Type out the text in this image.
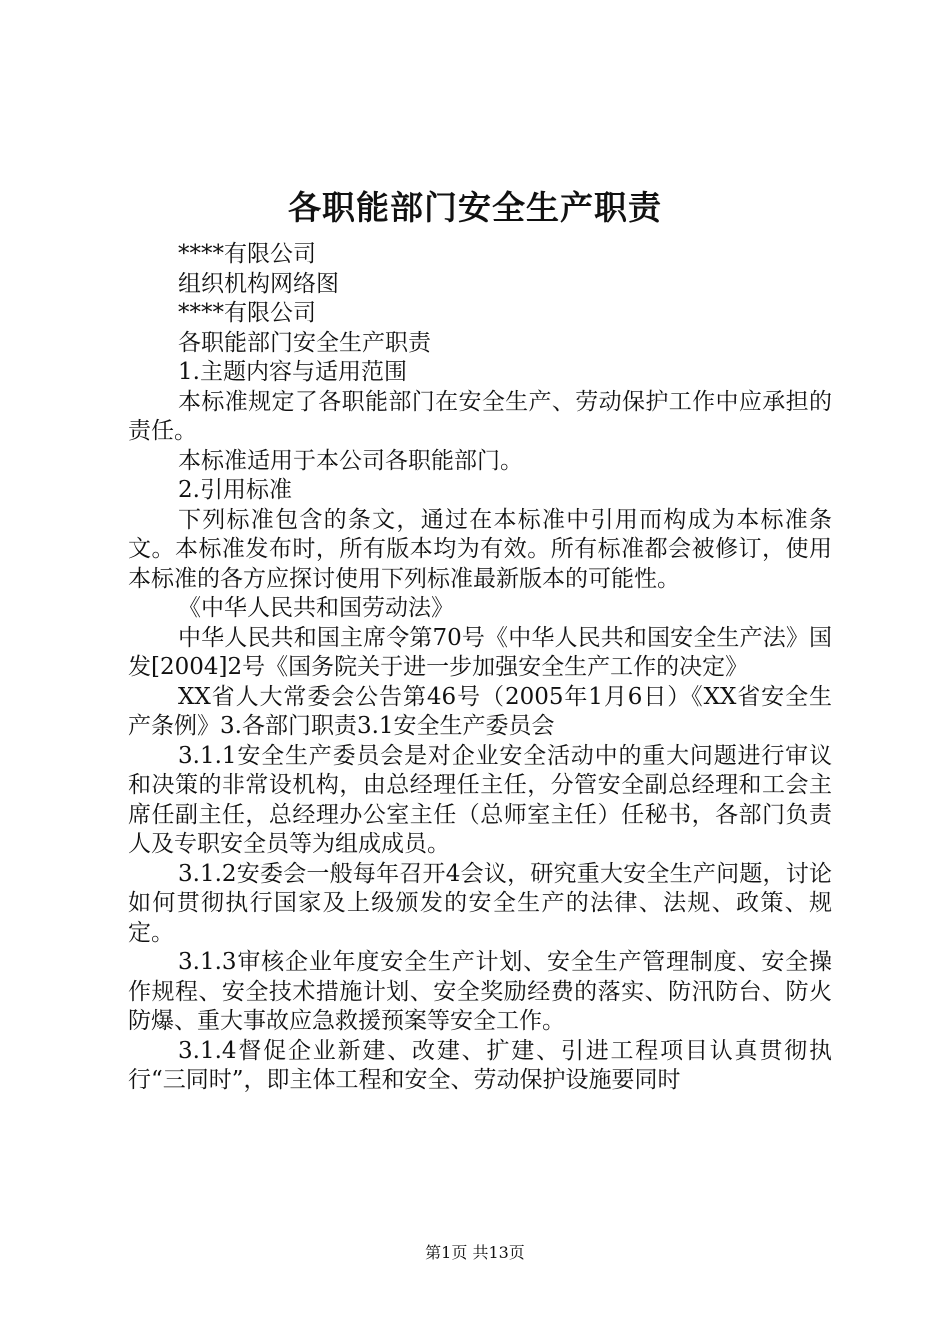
各职能部门安全生产职责

****有限公司

组织机构网络图

****有限公司

各职能部门安全生产职责

1.主题内容与适用范围

本标准规定了各职能部门在安全生产、劳动保护工作中应承担的责任。

本标准适用于本公司各职能部门。

2.引用标准

下列标准包含的条文，通过在本标准中引用而构成为本标准条文。本标准发布时，所有版本均为有效。所有标准都会被修订，使用本标准的各方应探讨使用下列标准最新版本的可能性。

《中华人民共和国劳动法》

中华人民共和国主席令第70号《中华人民共和国安全生产法》国发[2004]2号《国务院关于进一步加强安全生产工作的决定》

XX省人大常委会公告第46号（2005年1月6日）《XX省安全生产条例》3.各部门职责3.1安全生产委员会

3.1.1安全生产委员会是对企业安全活动中的重大问题进行审议和决策的非常设机构，由总经理任主任，分管安全副总经理和工会主席任副主任，总经理办公室主任（总师室主任）任秘书，各部门负责人及专职安全员等为组成成员。

3.1.2安委会一般每年召开4会议，研究重大安全生产问题，讨论如何贯彻执行国家及上级颁发的安全生产的法律、法规、政策、规定。

3.1.3审核企业年度安全生产计划、安全生产管理制度、安全操作规程、安全技术措施计划、安全奖励经费的落实、防汛防台、防火防爆、重大事故应急救援预案等安全工作。

3.1.4督促企业新建、改建、扩建、引进工程项目认真贯彻执行“三同时”，即主体工程和安全、劳动保护设施要同时

第1页 共13页
